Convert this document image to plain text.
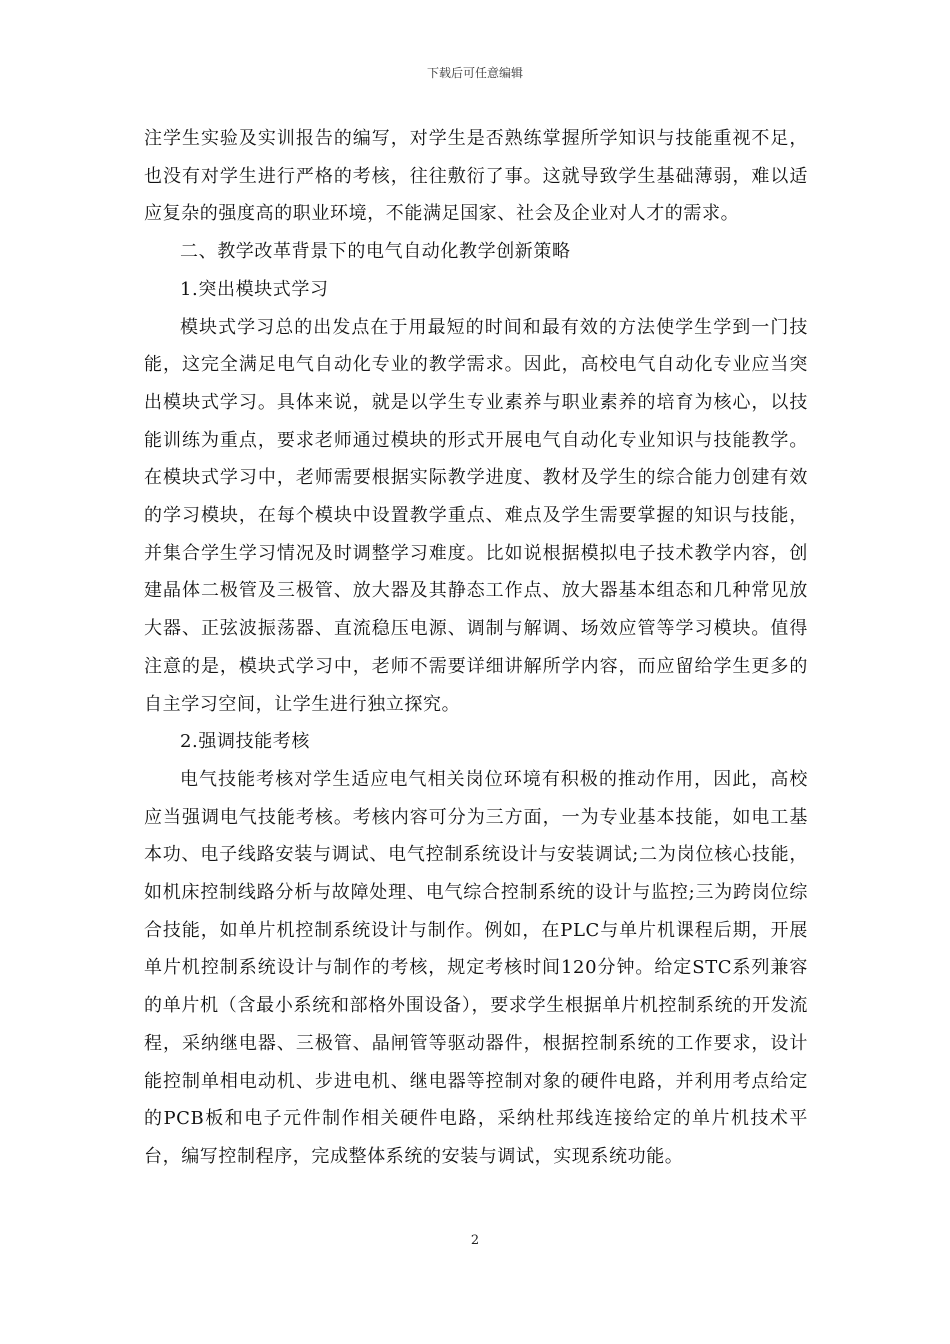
下载后可任意编辑

注学生实验及实训报告的编写，对学生是否熟练掌握所学知识与技能重视不足，也没有对学生进行严格的考核，往往敷衍了事。这就导致学生基础薄弱，难以适应复杂的强度高的职业环境，不能满足国家、社会及企业对人才的需求。

二、教学改革背景下的电气自动化教学创新策略

1.突出模块式学习

模块式学习总的出发点在于用最短的时间和最有效的方法使学生学到一门技能，这完全满足电气自动化专业的教学需求。因此，高校电气自动化专业应当突出模块式学习。具体来说，就是以学生专业素养与职业素养的培育为核心，以技能训练为重点，要求老师通过模块的形式开展电气自动化专业知识与技能教学。在模块式学习中，老师需要根据实际教学进度、教材及学生的综合能力创建有效的学习模块，在每个模块中设置教学重点、难点及学生需要掌握的知识与技能，并集合学生学习情况及时调整学习难度。比如说根据模拟电子技术教学内容，创建晶体二极管及三极管、放大器及其静态工作点、放大器基本组态和几种常见放大器、正弦波振荡器、直流稳压电源、调制与解调、场效应管等学习模块。值得注意的是，模块式学习中，老师不需要详细讲解所学内容，而应留给学生更多的自主学习空间，让学生进行独立探究。

2.强调技能考核

电气技能考核对学生适应电气相关岗位环境有积极的推动作用，因此，高校应当强调电气技能考核。考核内容可分为三方面，一为专业基本技能，如电工基本功、电子线路安装与调试、电气控制系统设计与安装调试;二为岗位核心技能，如机床控制线路分析与故障处理、电气综合控制系统的设计与监控;三为跨岗位综合技能，如单片机控制系统设计与制作。例如，在PLC与单片机课程后期，开展单片机控制系统设计与制作的考核，规定考核时间120分钟。给定STC系列兼容的单片机（含最小系统和部格外围设备），要求学生根据单片机控制系统的开发流程，采纳继电器、三极管、晶闸管等驱动器件，根据控制系统的工作要求，设计能控制单相电动机、步进电机、继电器等控制对象的硬件电路，并利用考点给定的PCB板和电子元件制作相关硬件电路，采纳杜邦线连接给定的单片机技术平台，编写控制程序，完成整体系统的安装与调试，实现系统功能。

2
